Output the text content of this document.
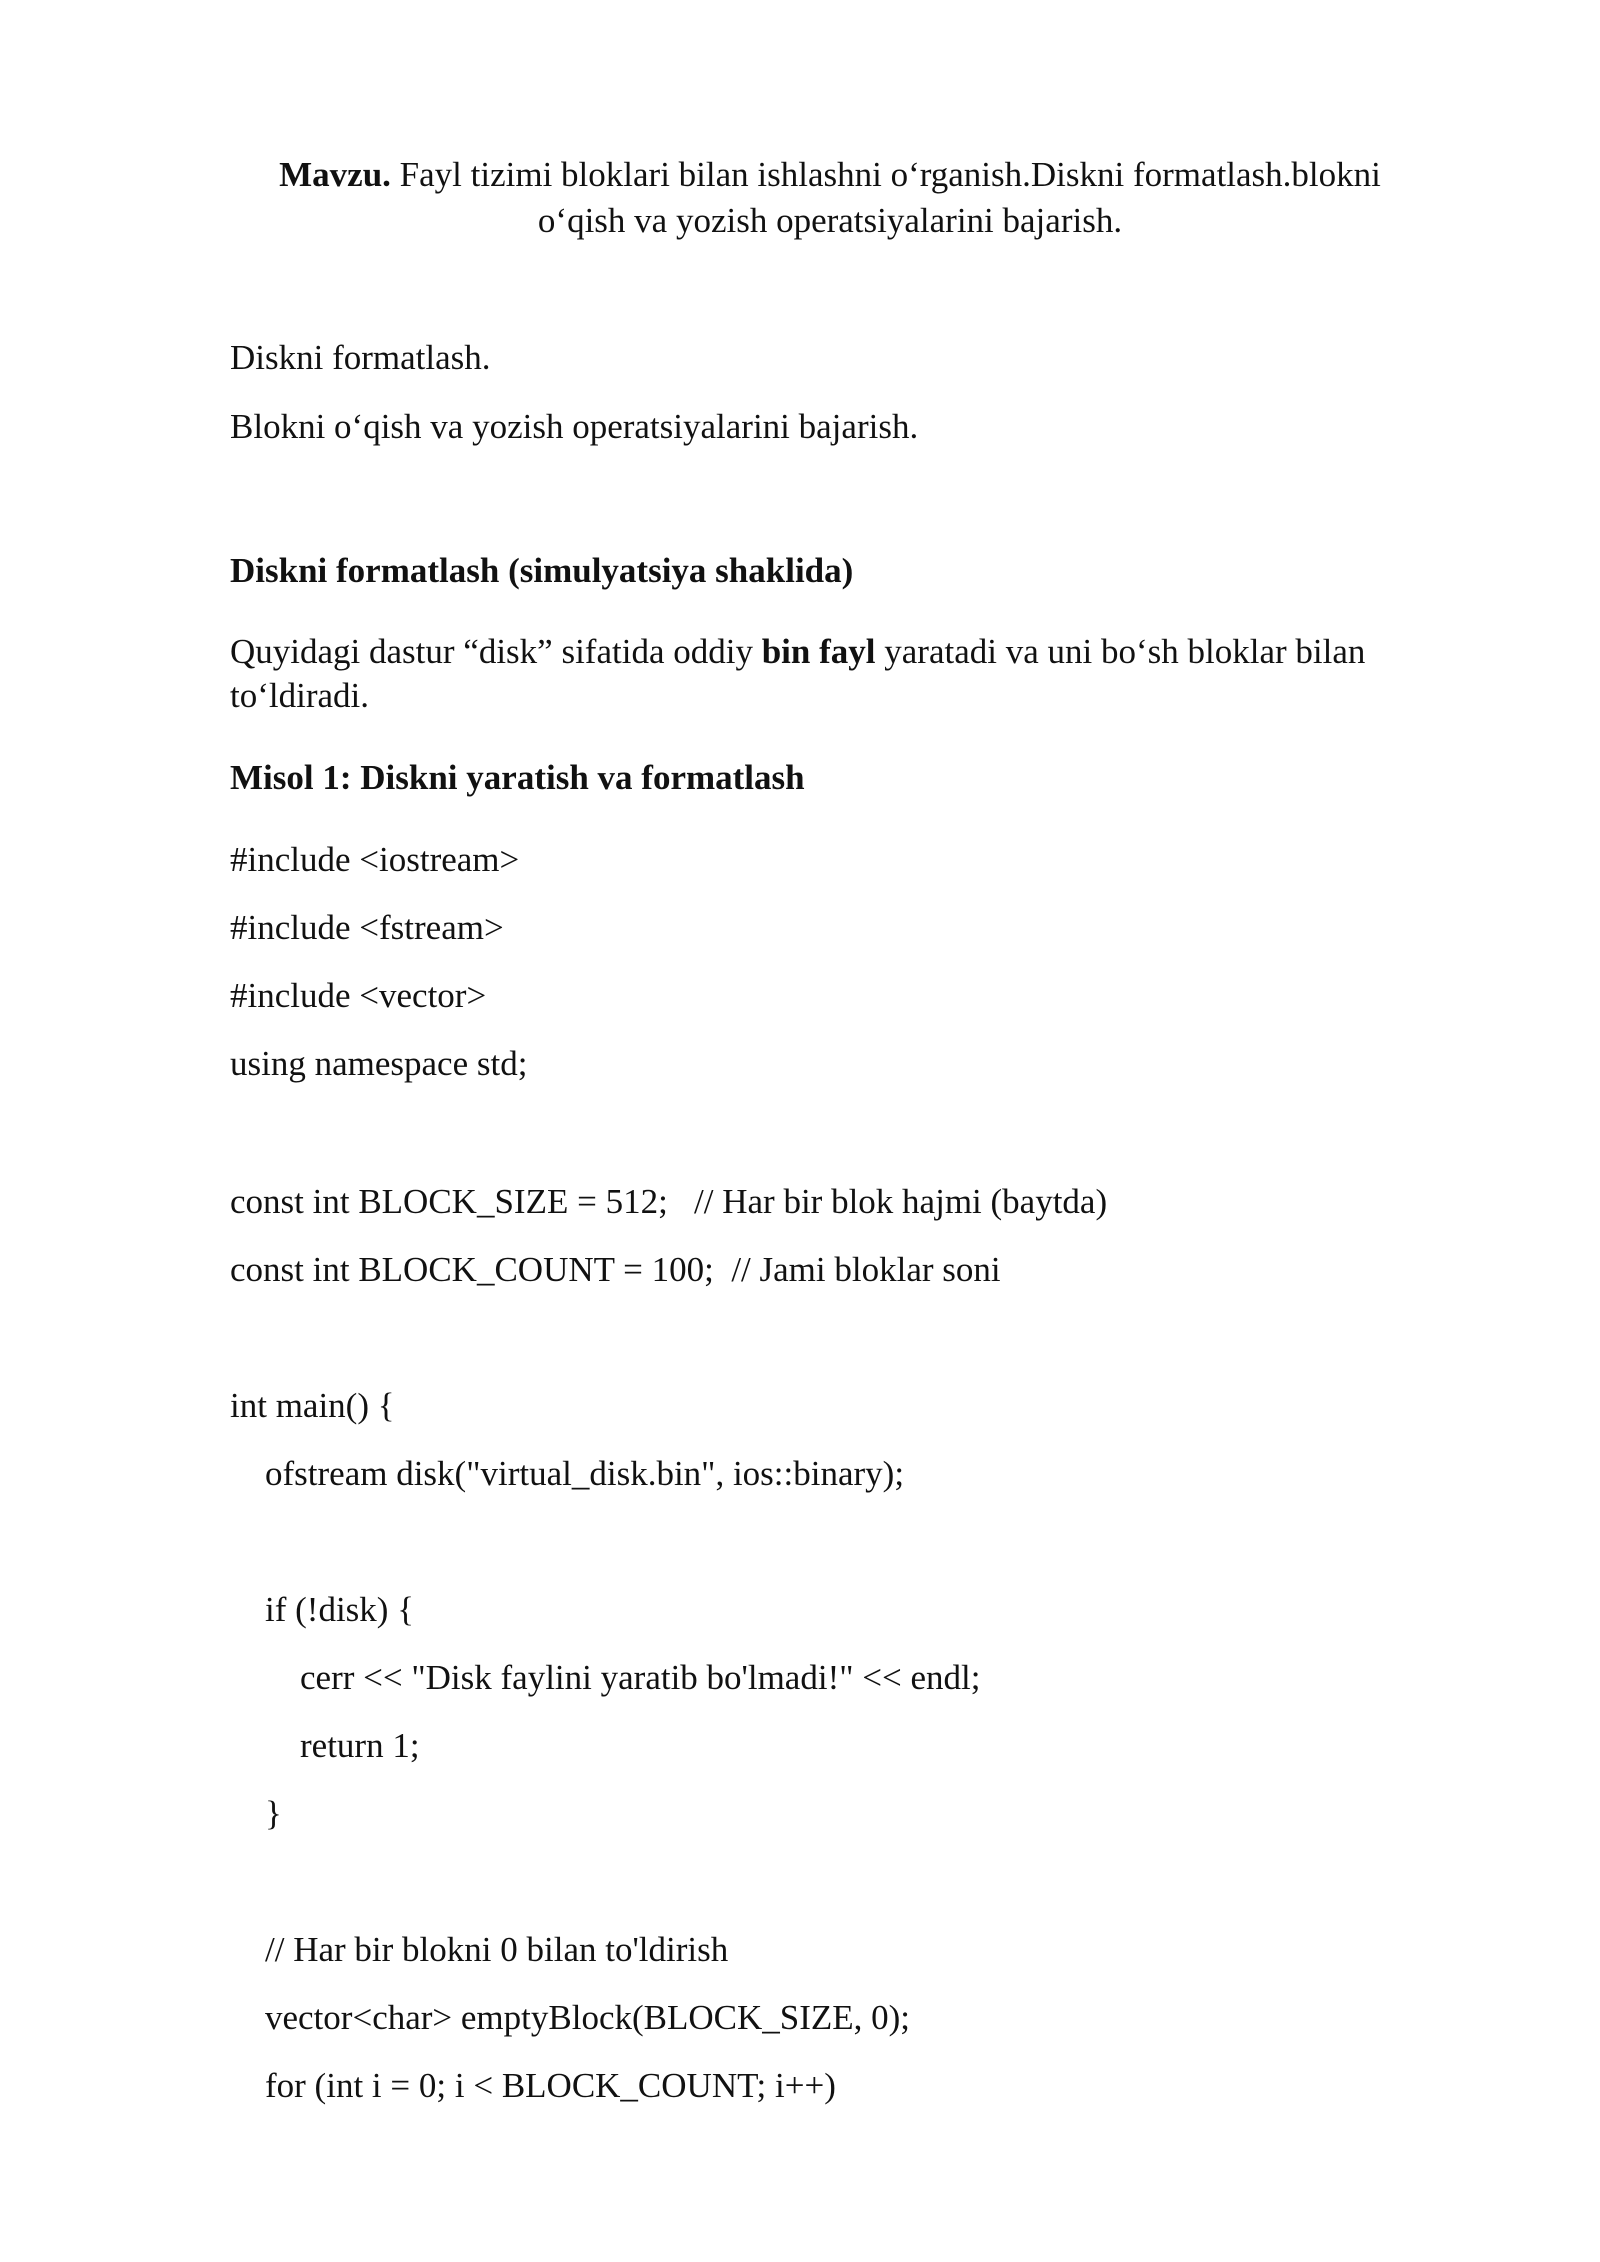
Mavzu. Fayl tizimi bloklari bilan ishlashni o‘rganish.Diskni formatlash.blokni
o‘qish va yozish operatsiyalarini bajarish.
Diskni formatlash.
Blokni o‘qish va yozish operatsiyalarini bajarish.
Diskni formatlash (simulyatsiya shaklida)
Quyidagi dastur “disk” sifatida oddiy bin fayl yaratadi va uni bo‘sh bloklar bilan to‘ldiradi.
Misol 1: Diskni yaratish va formatlash
#include <iostream>
#include <fstream>
#include <vector>
using namespace std;
const int BLOCK_SIZE = 512;   // Har bir blok hajmi (baytda)
const int BLOCK_COUNT = 100;  // Jami bloklar soni
int main() {
ofstream disk("virtual_disk.bin", ios::binary);
if (!disk) {
cerr << "Disk faylini yaratib bo'lmadi!" << endl;
return 1;
}
// Har bir blokni 0 bilan to'ldirish
vector<char> emptyBlock(BLOCK_SIZE, 0);
for (int i = 0; i < BLOCK_COUNT; i++)
